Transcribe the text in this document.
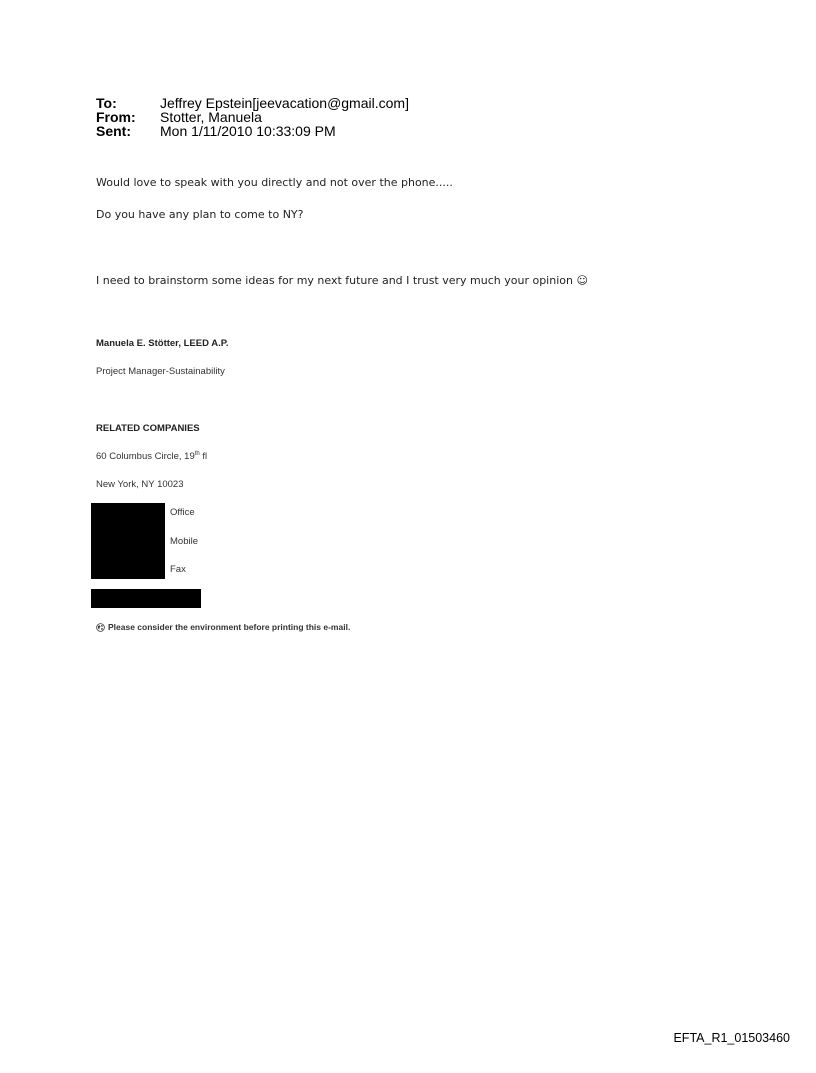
To:	Jeffrey Epstein[jeevacation@gmail.com]
From:	Stotter, Manuela
Sent:	Mon 1/11/2010 10:33:09 PM
Would love to speak with you directly and not over the phone.....
Do you have any plan to come to NY?
I need to brainstorm some ideas for my next future and I trust very much your opinion ☺
Manuela E. Stötter, LEED A.P.
Project Manager-Sustainability
RELATED COMPANIES
60 Columbus Circle, 19th fl
New York, NY 10023
Office
Mobile
Fax
Please consider the environment before printing this e-mail.
EFTA_R1_01503460
